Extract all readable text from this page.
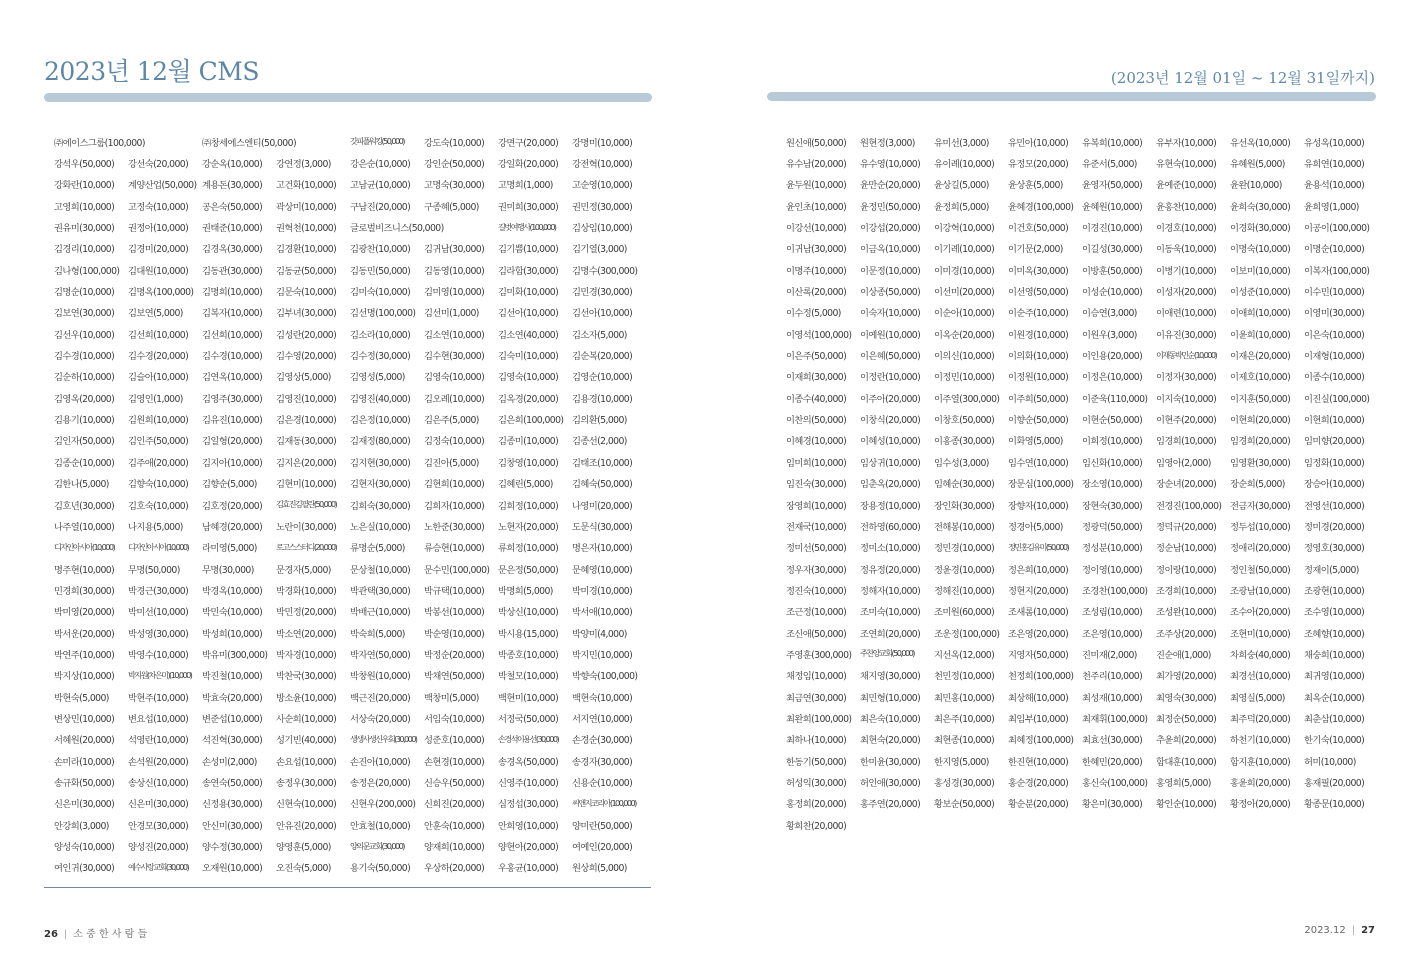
2023년 12월 CMS	(2023년 12월 01일 ~ 12월 31일까지)
㈜에이스그룹(100,000)	㈜창세에스엔티(50,000)	갓피플워킹(50,000)	강도숙(10,000)	강면구(20,000)	강명미(10,000)
강석우(50,000)	강선숙(20,000)	강순옥(10,000)	강연정(3,000)	강은순(10,000)	강인순(50,000)	강일화(20,000)	강전혁(10,000)
강화란(10,000)	계양산업(50,000) 계용돈(30,000)	고건화(10,000)	고남균(10,000)	고명숙(30,000)	고명희(1,000)	고순영(10,000)
고영희(10,000)	고정숙(10,000)	공은숙(50,000)	곽상미(10,000)	구남진(20,000)	구종혜(5,000)	권미희(30,000)	권민정(30,000)
권유미(30,000)	권정아(10,000)	권태준(10,000)	권혁천(10,000)	글로벌비즈니스(50,000)	길벗여행사(100,000)	김상임(10,000)
김경리(10,000)	김경미(20,000)	김경옥(30,000)	김경환(10,000)	김광찬(10,000)	김귀남(30,000)	김기쁨(10,000)	김기열(3,000)
김나형(100,000) 김대원(10,000)	김동관(30,000)	김동균(50,000)	김동민(50,000)	김동영(10,000)	김라함(30,000)	김명수(300,000)
김명순(10,000)	김명옥(100,000) 김명희(10,000)	김문숙(10,000)	김미숙(10,000)	김미영(10,000)	김미화(10,000)	김민경(30,000)
김보연(30,000)	김보연(5,000)	김복자(10,000)	김부녀(30,000)	김선명(100,000) 김선미(1,000)	김선아(10,000)	김선아(10,000)
김선우(10,000)	김선희(10,000)	김선희(10,000)	김성란(20,000)	김소라(10,000)	김소연(10,000)	김소연(40,000)	김소자(5,000)
김수경(10,000)	김수경(20,000)	김수경(10,000)	김수영(20,000)	김수정(30,000)	김수현(30,000)	김숙미(10,000)	김순복(20,000)
김순하(10,000)	김슬아(10,000)	김연옥(10,000)	김영상(5,000)	김영성(5,000)	김영숙(10,000)	김영숙(10,000)	김영순(10,000)
김영옥(20,000)	김영인(1,000)	김영주(30,000)	김영진(10,000)	김영진(40,000)	김오례(10,000)	김옥경(20,000)	김용경(10,000)
김용기(10,000)	김원희(10,000)	김유진(10,000)	김은경(10,000)	김은정(10,000)	김은주(5,000)	김은희(100,000) 김의환(5,000)
김인자(50,000)	김인주(50,000)	김일형(20,000)	김재동(30,000)	김재정(80,000)	김정숙(10,000)	김종미(10,000)	김종선(2,000)
김종순(10,000)	김주애(20,000)	김지아(10,000)	김지은(20,000)	김지현(30,000)	김진아(5,000)	김창영(10,000)	김태조(10,000)
김한나(5,000)	김향숙(10,000)	김향순(5,000)	김현미(10,000)	김현자(30,000)	김현희(10,000)	김혜린(5,000)	김혜숙(50,000)
김호년(30,000)	김호숙(10,000)	김호정(20,000)	김효진김필란(50,000)	김희숙(30,000)	김희자(10,000)	김희정(10,000)	나영미(20,000)
나주열(10,000)	나지용(5,000)	남혜경(20,000)	노란이(30,000)	노은실(10,000)	노한준(30,000)	노현자(20,000)	도문식(30,000)
디자인아시아(10,000)	디자인아시아(10,000)	라미영(5,000)	로고스스터디(20,000)	류명순(5,000)	류승현(10,000)	류희정(10,000)	명은자(10,000)
명주현(10,000)	무명(50,000)	무명(30,000)	문경자(5,000)	문상철(10,000)	문수민(100,000) 문은정(50,000)	문혜영(10,000)
민경희(30,000)	박경근(30,000)	박경옥(10,000)	박경화(10,000)	박관택(30,000)	박규택(10,000)	박명희(5,000)	박미경(10,000)
박미영(20,000)	박미선(10,000)	박민숙(10,000)	박민정(20,000)	박배근(10,000)	박봉선(10,000)	박상신(10,000)	박서애(10,000)
박서운(20,000)	박성영(30,000)	박성희(10,000)	박소연(20,000)	박숙희(5,000)	박순영(10,000)	박시용(15,000)	박양미(4,000)
박연주(10,000)	박영수(10,000)	박유미(300,000) 박자경(10,000)	박자연(50,000)	박정순(20,000)	박종호(10,000)	박지민(10,000)
박지상(10,000)	박지원(차은미)(10,000)	박진철(10,000)	박찬국(30,000)	박창원(10,000)	박채연(50,000)	박철모(10,000)	박향숙(100,000)
박현숙(5,000)	박현주(10,000)	박효숙(20,000)	방소윤(10,000)	백근진(20,000)	백창미(5,000)	백현미(10,000)	백현숙(10,000)
변상민(10,000)	변요섭(10,000)	변준섭(10,000)	사순희(10,000)	서상숙(20,000)	서임숙(10,000)	서정국(50,000)	서지연(10,000)
서혜원(20,000)	석영란(10,000)	석진혁(30,000)	성기빈(40,000)	생생사생신우회(30,000) 성준호(10,000)	손경석이용선(30,000)	손경순(30,000)
손미라(10,000)	손석원(20,000)	손성미(2,000)	손요섭(10,000)	손진아(10,000)	손현경(10,000)	송경옥(50,000)	송경자(30,000)
송규화(50,000)	송상신(10,000)	송연숙(50,000)	송정우(30,000)	송정은(20,000)	신승우(50,000)	신영주(10,000)	신용순(10,000)
신은미(30,000)	신은미(30,000)	신정용(30,000)	신현숙(10,000)	신현우(200,000) 신희진(20,000)	심정섭(30,000)	씨앤지코리아(100,000)
안강희(3,000)	안경모(30,000)	안신미(30,000)	안유진(20,000)	안효철(10,000)	안훈숙(10,000)	안희영(10,000)	양미란(50,000)
양성숙(10,000)	양성진(20,000)	양수정(30,000)	양영훈(5,000)	양의문교회(30,000)	양재희(10,000)	양현아(20,000)	여예인(20,000)
여인귀(30,000)	예수사랑교회(30,000)	오재원(10,000)	오진숙(5,000)	용기숙(50,000)	우상하(20,000)	우홍균(10,000)	원상희(5,000)
원신애(50,000)	원현정(3,000)	유미선(3,000)	유민아(10,000)	유복희(10,000)	유부자(10,000)	유선옥(10,000)	유성옥(10,000)
유수남(20,000)	유수영(10,000)	유이례(10,000)	유정모(20,000)	유준서(5,000)	유현숙(10,000)	유혜원(5,000)	유희연(10,000)
윤두원(10,000)	윤만순(20,000)	윤상길(5,000)	윤상훈(5,000)	윤영자(50,000)	윤예준(10,000)	윤완(10,000)	윤용석(10,000)
윤인초(10,000)	윤정민(50,000)	윤정희(5,000)	윤혜경(100,000) 윤혜원(10,000)	윤홍찬(10,000)	윤희숙(30,000)	윤희영(1,000)
이강선(10,000)	이강섭(20,000)	이강혁(10,000)	이건호(50,000)	이경진(10,000)	이경호(10,000)	이경화(30,000)	이공이(100,000)
이귀남(30,000)	이금옥(10,000)	이기례(10,000)	이기문(2,000)	이길성(30,000)	이동욱(10,000)	이명숙(10,000)	이명순(10,000)
이명주(10,000)	이문정(10,000)	이미경(10,000)	이미옥(30,000)	이방훈(50,000)	이병기(10,000)	이보미(10,000)	이복자(100,000)
이산록(20,000)	이상종(50,000)	이선미(20,000)	이선영(50,000)	이성순(10,000)	이성자(20,000)	이성준(10,000)	이수민(10,000)
이수정(5,000)	이숙자(10,000)	이순아(10,000)	이순주(10,000)	이승연(3,000)	이애련(10,000)	이애희(10,000)	이영미(30,000)
이영석(100,000) 이예원(10,000)	이옥순(20,000)	이원경(10,000)	이원우(3,000)	이유진(30,000)	이윤희(10,000)	이은숙(10,000)
이은주(50,000)	이은혜(50,000)	이의신(10,000)	이의화(10,000)	이인용(20,000)	이재동박민순(10,000)	이재은(20,000)	이재형(10,000)
이재희(30,000)	이정란(10,000)	이정민(10,000)	이정원(10,000)	이정은(10,000)	이정자(30,000)	이제호(10,000)	이종수(10,000)
이종수(40,000)	이주아(20,000)	이주열(300,000) 이주희(50,000)	이준욱(110,000) 이지숙(10,000)	이지훈(50,000)	이진실(100,000)
이찬의(50,000)	이창식(20,000)	이창호(50,000)	이향순(50,000)	이현순(50,000)	이현주(20,000)	이현희(20,000)	이현희(10,000)
이혜경(10,000)	이혜성(10,000)	이홍종(30,000)	이화영(5,000)	이희정(10,000)	임경희(10,000)	임경희(20,000)	임미향(20,000)
임미희(10,000)	임상귀(10,000)	임수성(3,000)	임수연(10,000)	임신화(10,000)	임영아(2,000)	임영환(30,000)	임정화(10,000)
임진숙(30,000)	임춘옥(20,000)	임혜순(30,000)	장문심(100,000) 장소영(10,000)	장순녀(20,000)	장순희(5,000)	장승아(10,000)
장영희(10,000)	장용정(10,000)	장인화(30,000)	장향자(10,000)	장현숙(30,000)	전경진(100,000) 전금자(30,000)	전영선(10,000)
전재국(10,000)	전하영(60,000)	전해봉(10,000)	정경아(5,000)	정광덕(50,000)	정덕규(20,000)	정두섭(10,000)	정미경(20,000)
정미선(50,000)	정미소(10,000)	정민경(10,000)	정민홍김유미(50,000)	정성분(10,000)	정순남(10,000)	정애리(20,000)	정영호(30,000)
정우자(30,000)	정유정(20,000)	정윤경(10,000)	정은희(10,000)	정이영(10,000)	정이랑(10,000)	정인철(50,000)	정재이(5,000)
정진숙(10,000)	정해자(10,000)	정해진(10,000)	정현지(20,000)	조경찬(100,000) 조경희(10,000)	조광남(10,000)	조광현(10,000)
조근정(10,000)	조미숙(10,000)	조미원(60,000)	조새롬(10,000)	조성림(10,000)	조성완(10,000)	조수아(20,000)	조수영(10,000)
조신애(50,000)	조연희(20,000)	조운정(100,000) 조은영(20,000)	조은영(10,000)	조주상(20,000)	조현미(10,000)	조혜향(10,000)
주영훈(300,000)	주찬양교회(50,000)	지선옥(12,000)	지영자(50,000)	진미재(2,000)	진순애(1,000)	차희숭(40,000)	채숭희(10,000)
채정임(10,000)	채지영(30,000)	천민정(10,000)	천정희(100,000) 천주리(10,000)	최가영(20,000)	최경선(10,000)	최귀영(10,000)
최금연(30,000)	최민형(10,000)	최민홍(10,000)	최상해(10,000)	최성재(10,000)	최영숙(30,000)	최영실(5,000)	최옥순(10,000)
최완희(100,000) 최은숙(10,000)	최은주(10,000)	최임부(10,000)	최재휘(100,000) 최정순(50,000)	최주덕(20,000)	최춘삼(10,000)
최하나(10,000)	최현숙(20,000)	최현종(10,000)	최혜정(100,000) 최효선(30,000)	추윤희(20,000)	하천기(10,000)	한기숙(10,000)
한동기(50,000)	한미윤(30,000)	한지영(5,000)	한진현(10,000)	한혜민(20,000)	함대훈(10,000)	함지훈(10,000)	허미(10,000)
허성익(30,000)	허인애(30,000)	홍성경(30,000)	홍순경(20,000)	홍신숙(100,000) 홍영희(5,000)	홍윤희(20,000)	홍재필(20,000)
홍정희(20,000)	홍주연(20,000)	황보순(50,000)	황순분(20,000)	황은미(30,000)	황인순(10,000)	황정아(20,000)	황종문(10,000)
황희찬(20,000)
26 | 소 중 한 사 람 들	2023.12 | 27
